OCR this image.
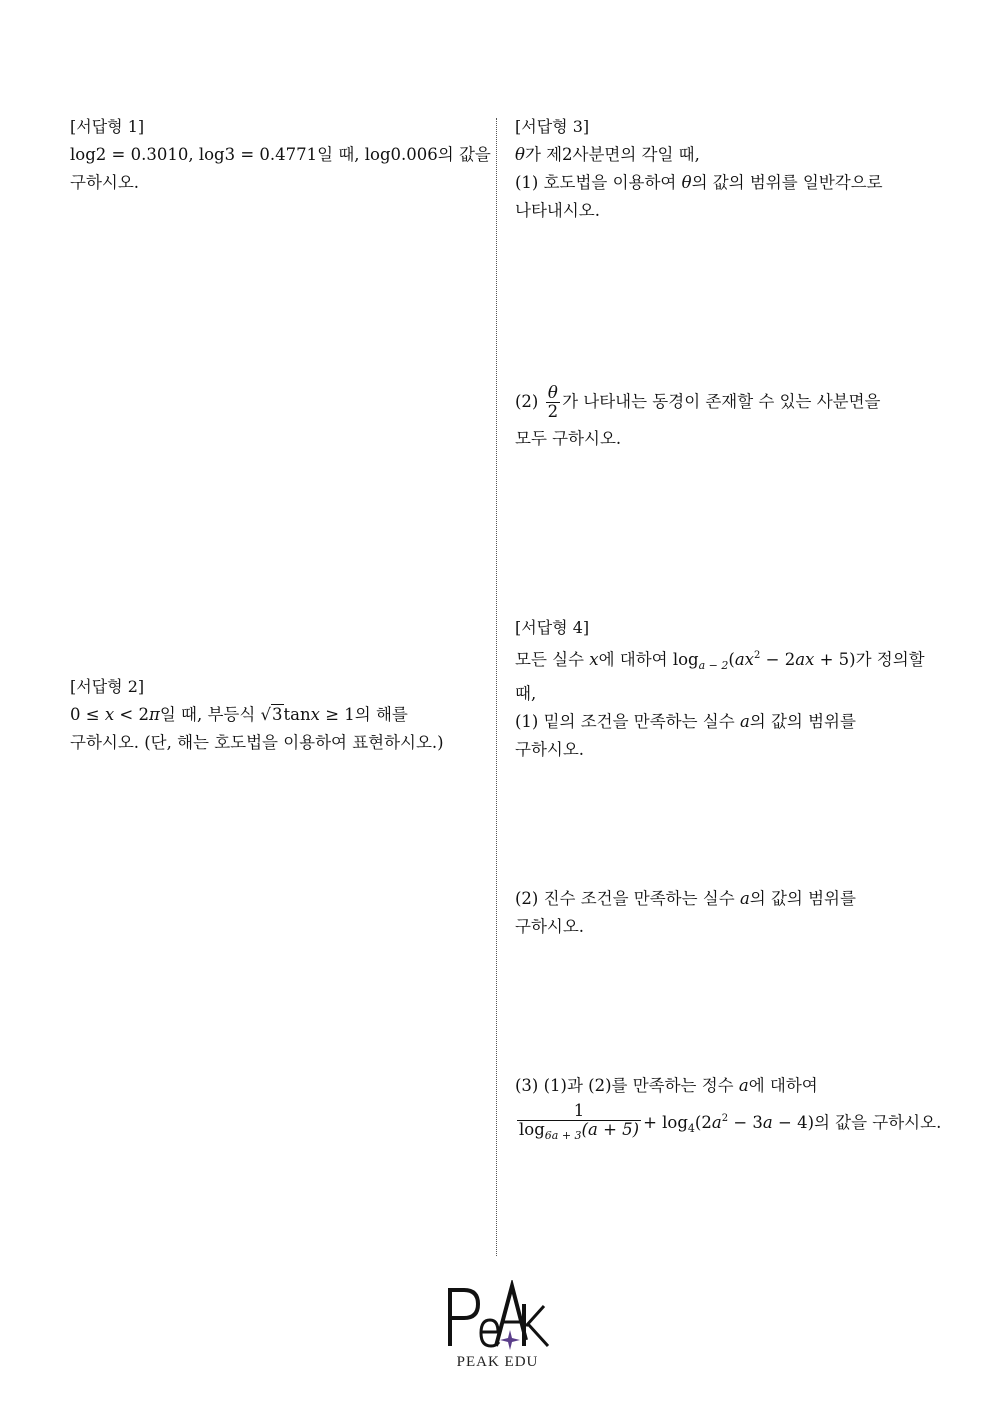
[서답형 1]
log2 = 0.3010, log3 = 0.4771일 때, log0.006의 값을
구하시오.
[서답형 2]
0 ≤ x < 2π일 때, 부등식 √3tanx ≥ 1의 해를
구하시오. (단, 해는 호도법을 이용하여 표현하시오.)
[서답형 3]
θ가 제2사분면의 각일 때,
(1) 호도법을 이용하여 θ의 값의 범위를 일반각으로
나타내시오.
$(2) \frac{\theta}{2}$ 가 나타내는 동경이 존재할 수 있는 사분면을
모두 구하시오.
[서답형 4]
모든 실수 x에 대하여 $\log_{a - 2}(ax^2 - 2ax + 5)$가 정의할
때,
(1) 밑의 조건을 만족하는 실수 a의 값의 범위를
구하시오.
(2) 진수 조건을 만족하는 실수 a의 값의 범위를
구하시오.
(3) (1)과 (2)를 만족하는 정수 a에 대하여
$\frac{1}{\log_{6a + 3}(a + 5)} + \log_4(2a^2 - 3a - 4)$의 값을 구하시오.
PEAK EDU
